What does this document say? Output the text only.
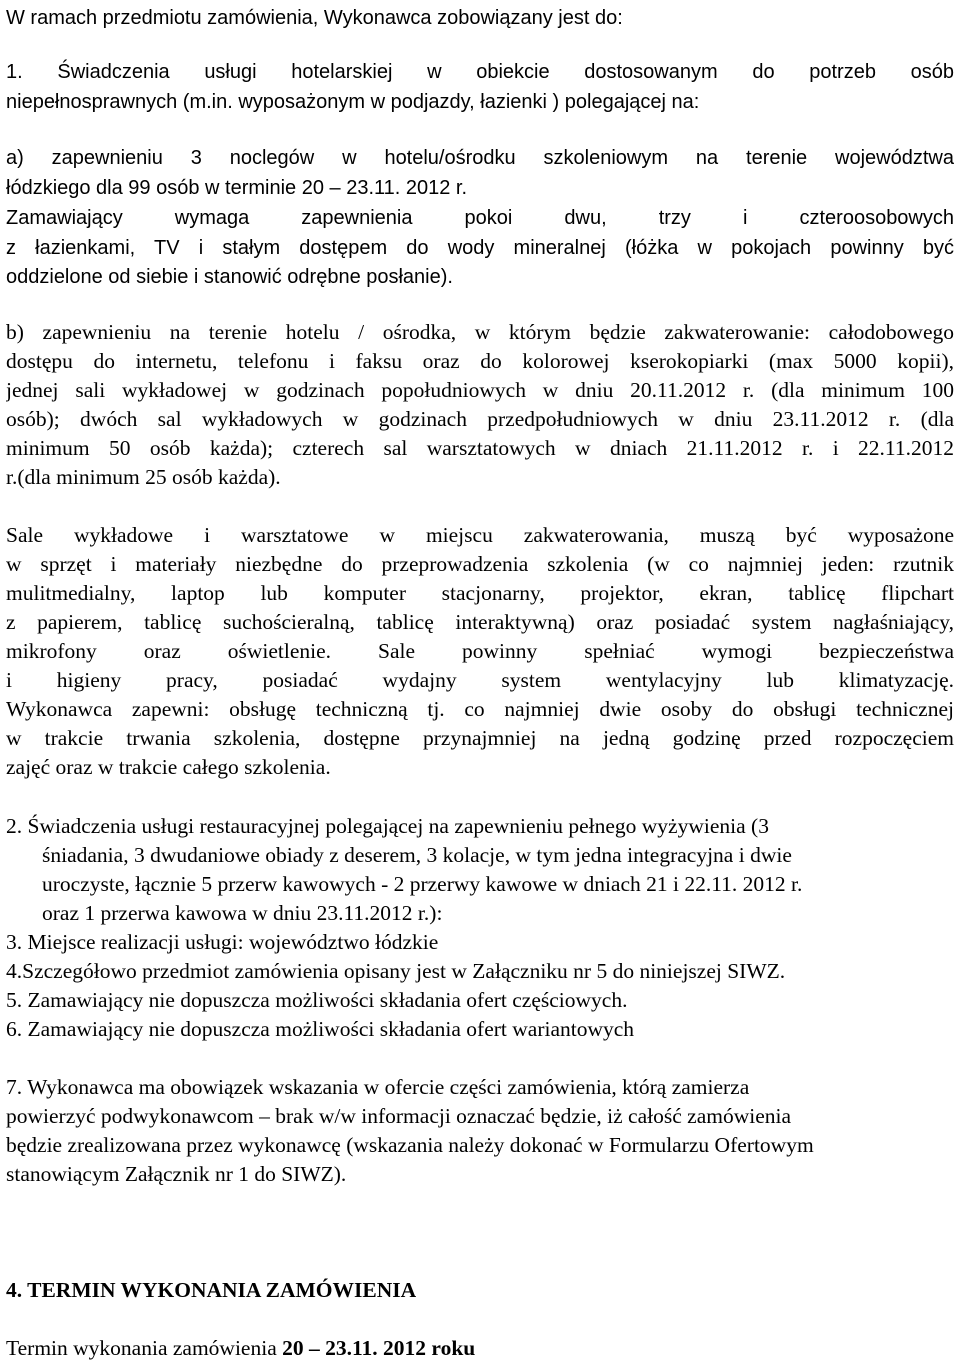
W ramach przedmiotu zamówienia, Wykonawca zobowiązany jest do:
1. Świadczenia usługi hotelarskiej w obiekcie dostosowanym do potrzeb osób
niepełnosprawnych (m.in. wyposażonym w podjazdy, łazienki ) polegającej na:
a) zapewnieniu 3 noclegów w hotelu/ośrodku szkoleniowym na terenie województwa
łódzkiego dla 99 osób w terminie 20 – 23.11. 2012 r.
Zamawiający wymaga zapewnienia pokoi dwu, trzy i czteroosobowych
z łazienkami, TV i stałym dostępem do wody mineralnej (łóżka w pokojach powinny być
oddzielone od siebie i stanowić odrębne posłanie).
b) zapewnieniu na terenie hotelu / ośrodka, w którym będzie zakwaterowanie: całodobowego
dostępu do internetu, telefonu i faksu oraz do kolorowej kserokopiarki (max 5000 kopii),
jednej sali wykładowej w godzinach popołudniowych w dniu 20.11.2012 r. (dla minimum 100
osób); dwóch sal wykładowych w godzinach przedpołudniowych w dniu 23.11.2012 r. (dla
minimum 50 osób każda); czterech sal warsztatowych w dniach 21.11.2012 r. i 22.11.2012
r.(dla minimum 25 osób każda).
Sale wykładowe i warsztatowe w miejscu zakwaterowania, muszą być wyposażone
w sprzęt i materiały niezbędne do przeprowadzenia szkolenia (w co najmniej jeden: rzutnik
mulitmedialny, laptop lub komputer stacjonarny, projektor, ekran, tablicę flipchart
z papierem, tablicę suchościeralną, tablicę interaktywną) oraz posiadać system nagłaśniający,
mikrofony oraz oświetlenie. Sale powinny spełniać wymogi bezpieczeństwa
i higieny pracy, posiadać wydajny system wentylacyjny lub klimatyzację.
Wykonawca zapewni: obsługę techniczną tj. co najmniej dwie osoby do obsługi technicznej
w trakcie trwania szkolenia, dostępne przynajmniej na jedną godzinę przed rozpoczęciem
zajęć oraz w trakcie całego szkolenia.
2. Świadczenia usługi restauracyjnej polegającej na zapewnieniu pełnego wyżywienia (3
śniadania, 3 dwudaniowe obiady z deserem, 3 kolacje, w tym jedna integracyjna i dwie
uroczyste, łącznie 5 przerw kawowych - 2 przerwy kawowe w dniach 21 i 22.11. 2012 r.
oraz 1 przerwa kawowa w dniu 23.11.2012 r.):
3. Miejsce realizacji usługi: województwo łódzkie
4.Szczegółowo przedmiot zamówienia opisany jest w Załączniku nr 5 do niniejszej SIWZ.
5. Zamawiający nie dopuszcza możliwości składania ofert częściowych.
6. Zamawiający nie dopuszcza możliwości składania ofert wariantowych
7. Wykonawca ma obowiązek wskazania w ofercie części zamówienia, którą zamierza
powierzyć podwykonawcom – brak w/w informacji oznaczać będzie, iż całość zamówienia
będzie zrealizowana przez wykonawcę (wskazania należy dokonać w Formularzu Ofertowym
stanowiącym Załącznik nr 1 do SIWZ).
4. TERMIN WYKONANIA ZAMÓWIENIA
Termin wykonania zamówienia 20 – 23.11. 2012 roku
